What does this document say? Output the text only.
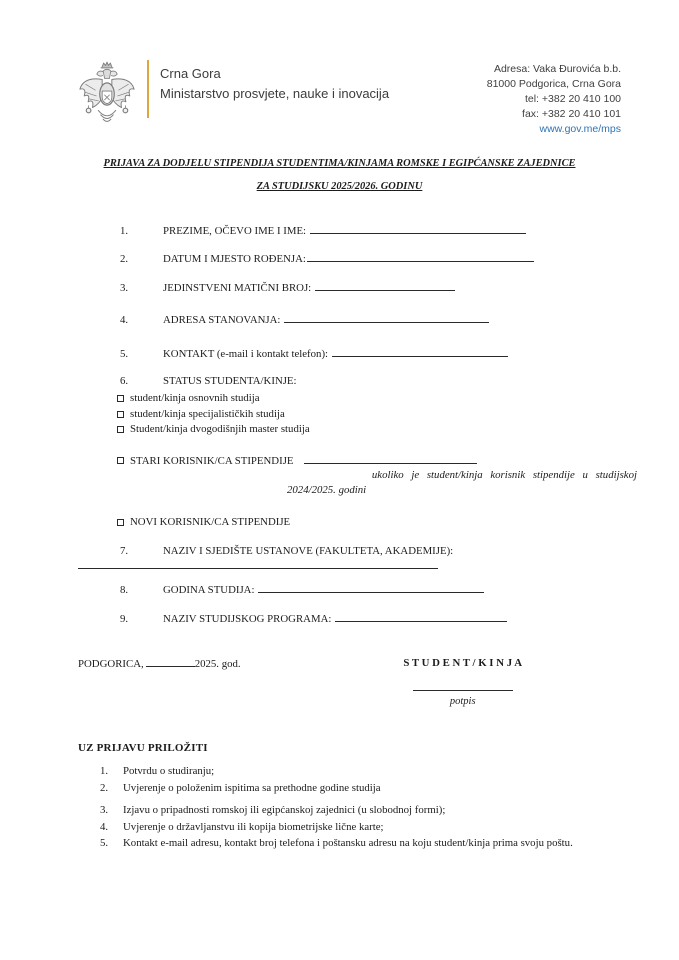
Crna Gora
Ministarstvo prosvjete, nauke i inovacija
Adresa: Vaka Đurovića b.b.
81000 Podgorica, Crna Gora
tel: +382 20 410 100
fax: +382 20 410 101
www.gov.me/mps
PRIJAVA ZA DODJELU STIPENDIJA STUDENTIMA/KINJAMA ROMSKE I EGIPĆANSKE ZAJEDNICE
ZA STUDIJSKU 2025/2026. GODINU
1.	PREZIME, OČEVO IME I IME:
2.	DATUM I MJESTO ROĐENJA:
3.	JEDINSTVENI MATIČNI BROJ:
4.	ADRESA STANOVANJA:
5.	KONTAKT (e-mail i kontakt telefon):
6.	STATUS STUDENTA/KINJE:
student/kinja osnovnih studija
student/kinja specijalističkih studija
Student/kinja dvogodišnjih master studija
STARI KORISNIK/CA STIPENDIJE
ukoliko je student/kinja korisnik stipendije u studijskoj
2024/2025. godini
NOVI KORISNIK/CA STIPENDIJE
7.	NAZIV I SJEDIŠTE USTANOVE (FAKULTETA, AKADEMIJE):
8.	GODINA STUDIJA:
9.	NAZIV STUDIJSKOG PROGRAMA:
PODGORICA,	2025. god.	S T U D E N T / K I N J A
potpis
UZ PRIJAVU PRILOŽITI
1.	Potvrdu o studiranju;
2.	Uvjerenje o položenim ispitima sa prethodne godine studija
3.	Izjavu o pripadnosti romskoj ili egipćanskoj zajednici (u slobodnoj formi);
4.	Uvjerenje o državljanstvu ili kopija biometrijske lične karte;
5.	Kontakt e-mail adresu, kontakt broj telefona i poštansku adresu na koju student/kinja prima svoju poštu.
